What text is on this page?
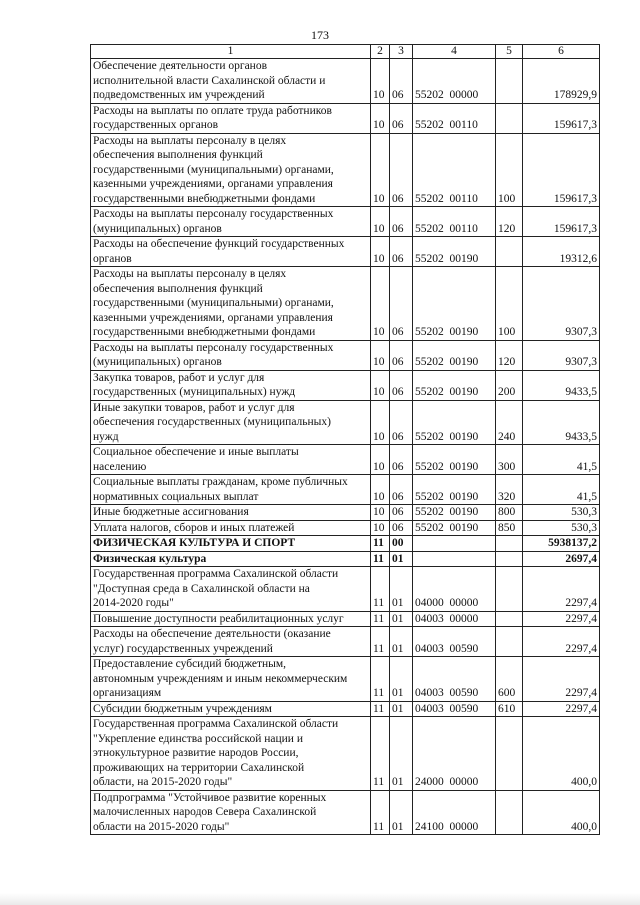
173
1	2	3	4	5	6
Обеспечение деятельности органов
исполнительной власти Сахалинской области и
подведомственных им учреждений	10	06	55202  00000		178929,9
Расходы на выплаты по оплате труда работников
государственных органов	10	06	55202  00110		159617,3
Расходы на выплаты персоналу в целях
обеспечения выполнения функций
государственными (муниципальными) органами,
казенными учреждениями, органами управления
государственными внебюджетными фондами	10	06	55202  00110	100	159617,3
Расходы на выплаты персоналу государственных
(муниципальных) органов	10	06	55202  00110	120	159617,3
Расходы на обеспечение функций государственных
органов	10	06	55202  00190		19312,6
Расходы на выплаты персоналу в целях
обеспечения выполнения функций
государственными (муниципальными) органами,
казенными учреждениями, органами управления
государственными внебюджетными фондами	10	06	55202  00190	100	9307,3
Расходы на выплаты персоналу государственных
(муниципальных) органов	10	06	55202  00190	120	9307,3
Закупка товаров, работ и услуг для
государственных (муниципальных) нужд	10	06	55202  00190	200	9433,5
Иные закупки товаров, работ и услуг для
обеспечения государственных (муниципальных)
нужд	10	06	55202  00190	240	9433,5
Социальное обеспечение и иные выплаты
населению	10	06	55202  00190	300	41,5
Социальные выплаты гражданам, кроме публичных
нормативных социальных выплат	10	06	55202  00190	320	41,5
Иные бюджетные ассигнования	10	06	55202  00190	800	530,3
Уплата налогов, сборов и иных платежей	10	06	55202  00190	850	530,3
ФИЗИЧЕСКАЯ КУЛЬТУРА И СПОРТ	11	00			5938137,2
Физическая культура	11	01			2697,4
Государственная программа Сахалинской области
"Доступная среда в Сахалинской области на
2014-2020 годы"	11	01	04000  00000		2297,4
Повышение доступности реабилитационных услуг	11	01	04003  00000		2297,4
Расходы на обеспечение деятельности (оказание
услуг) государственных учреждений	11	01	04003  00590		2297,4
Предоставление субсидий бюджетным,
автономным учреждениям и иным некоммерческим
организациям	11	01	04003  00590	600	2297,4
Субсидии бюджетным учреждениям	11	01	04003  00590	610	2297,4
Государственная программа Сахалинской области
"Укрепление единства российской нации и
этнокультурное развитие народов России,
проживающих на территории Сахалинской
области, на 2015-2020 годы"	11	01	24000  00000		400,0
Подпрограмма "Устойчивое развитие коренных
малочисленных народов Севера Сахалинской
области на 2015-2020 годы"	11	01	24100  00000		400,0
